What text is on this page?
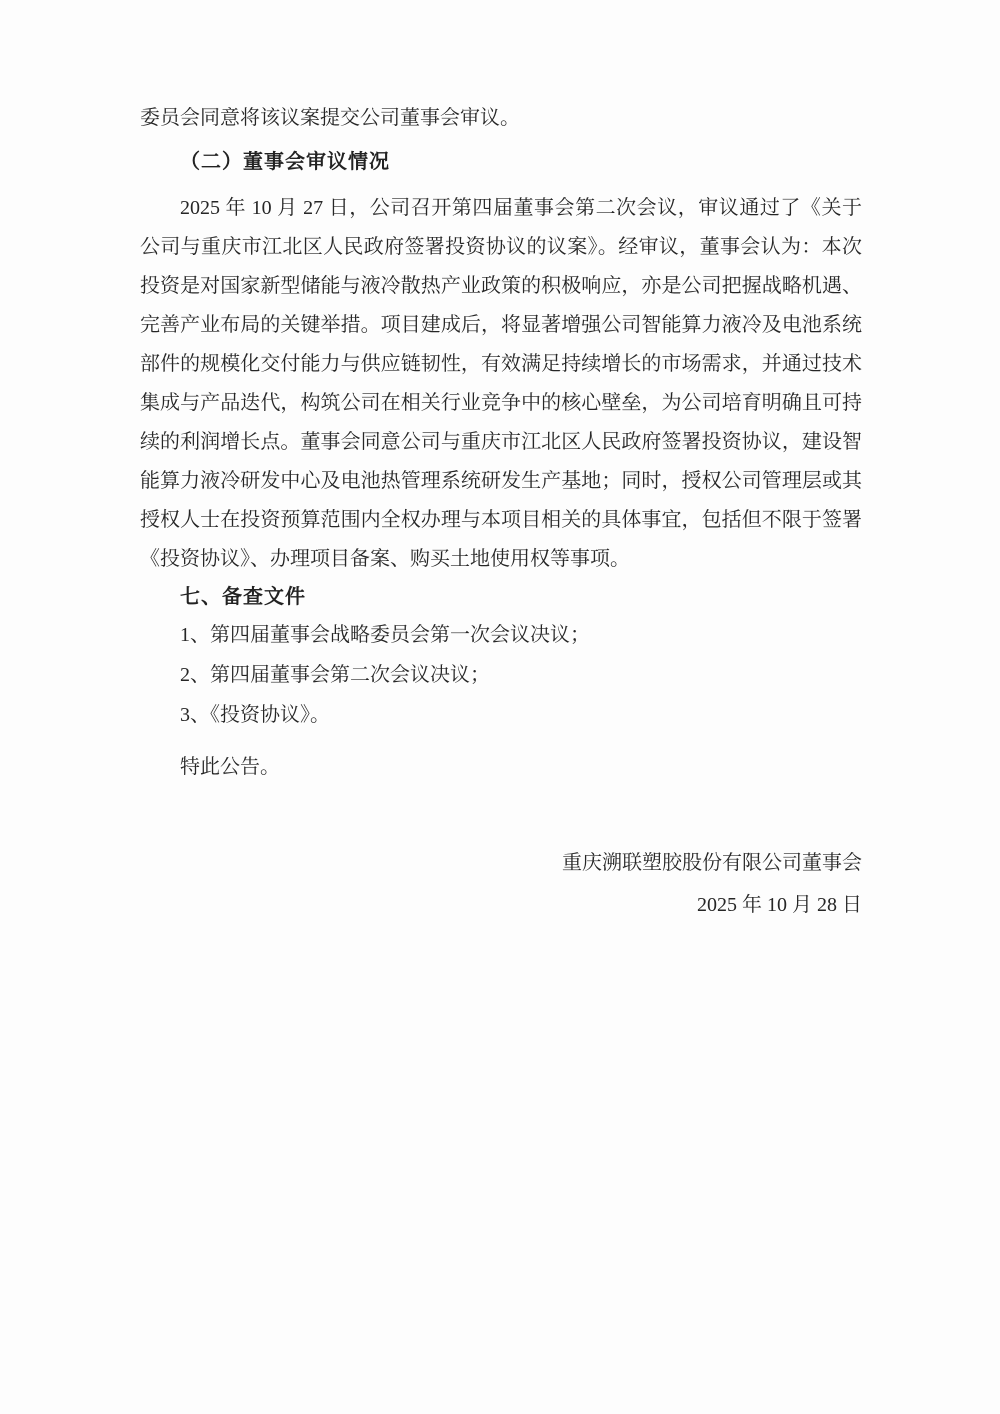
委员会同意将该议案提交公司董事会审议。

（二）董事会审议情况

2025 年 10 月 27 日，公司召开第四届董事会第二次会议，审议通过了《关于公司与重庆市江北区人民政府签署投资协议的议案》。经审议，董事会认为：本次投资是对国家新型储能与液冷散热产业政策的积极响应，亦是公司把握战略机遇、完善产业布局的关键举措。项目建成后，将显著增强公司智能算力液冷及电池系统部件的规模化交付能力与供应链韧性，有效满足持续增长的市场需求，并通过技术集成与产品迭代，构筑公司在相关行业竞争中的核心壁垒，为公司培育明确且可持续的利润增长点。董事会同意公司与重庆市江北区人民政府签署投资协议，建设智能算力液冷研发中心及电池热管理系统研发生产基地；同时，授权公司管理层或其授权人士在投资预算范围内全权办理与本项目相关的具体事宜，包括但不限于签署《投资协议》、办理项目备案、购买土地使用权等事项。

七、备查文件

1、第四届董事会战略委员会第一次会议决议；

2、第四届董事会第二次会议决议；

3、《投资协议》。

特此公告。

重庆溯联塑胶股份有限公司董事会

2025 年 10 月 28 日
